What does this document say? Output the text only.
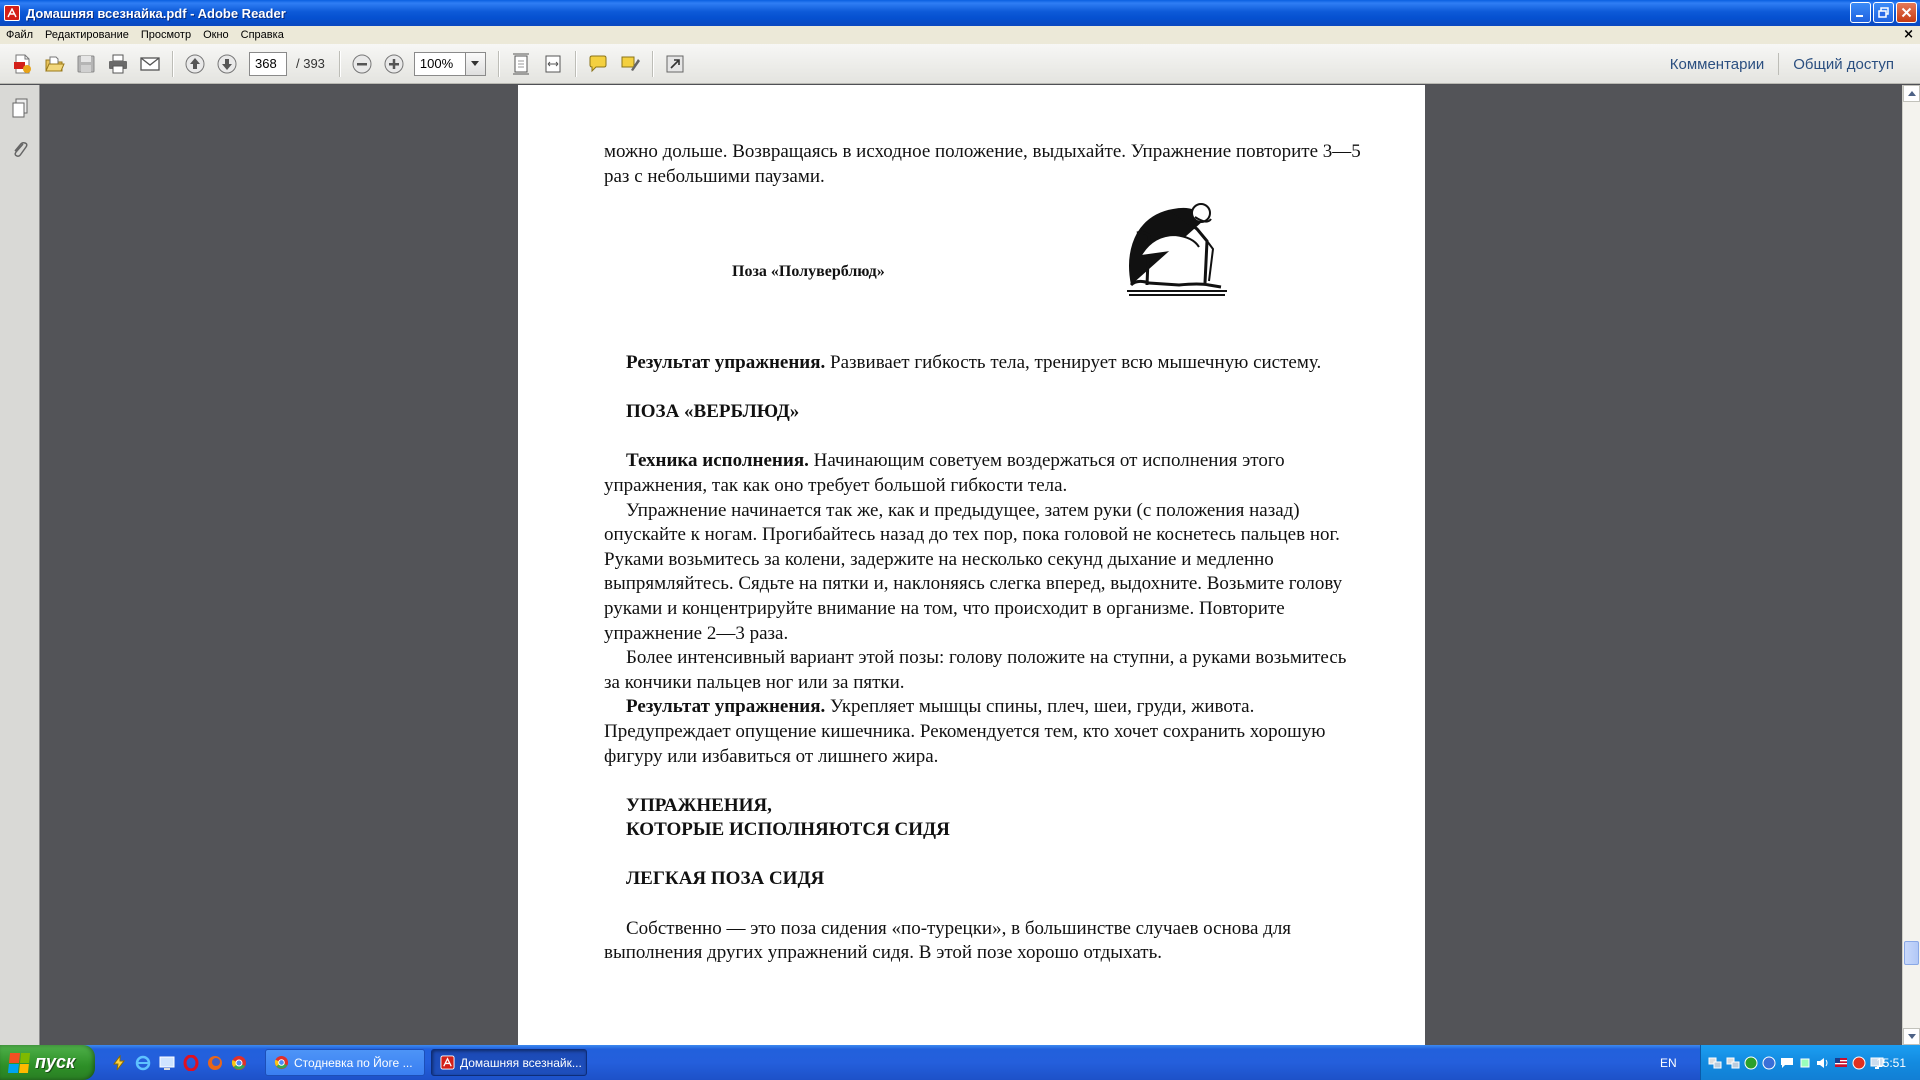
Домашняя всезнайка.pdf - Adobe Reader
Файл	Редактирование	Просмотр	Окно	Справка	×
368	/ 393	100%	Комментарии	Общий доступ
можно дольше. Возвращаясь в исходное положение, выдыхайте. Упражнение повторите 3—5 раз с небольшими паузами.
Поза «Полуверблюд»
Результат упражнения. Развивает гибкость тела, тренирует всю мышечную систему.
ПОЗА «ВЕРБЛЮД»
Техника исполнения. Начинающим советуем воздержаться от исполнения этого упражнения, так как оно требует большой гибкости тела.
Упражнение начинается так же, как и предыдущее, затем руки (с положения назад) опускайте к ногам. Прогибайтесь назад до тех пор, пока головой не коснетесь пальцев ног. Руками возьмитесь за колени, задержите на несколько секунд дыхание и медленно выпрямляйтесь. Сядьте на пятки и, наклоняясь слегка вперед, выдохните. Возьмите голову руками и концентрируйте внимание на том, что происходит в организме. Повторите упражнение 2—3 раза.
Более интенсивный вариант этой позы: голову положите на ступни, а руками возьмитесь за кончики пальцев ног или за пятки.
Результат упражнения. Укрепляет мышцы спины, плеч, шеи, груди, живота. Предупреждает опущение кишечника. Рекомендуется тем, кто хочет сохранить хорошую фигуру или избавиться от лишнего жира.
УПРАЖНЕНИЯ,
КОТОРЫЕ ИСПОЛНЯЮТСЯ СИДЯ
ЛЕГКАЯ ПОЗА СИДЯ
Собственно — это поза сидения «по-турецки», в большинстве случаев основа для выполнения других упражнений сидя. В этой позе хорошо отдыхать.
пуск	Стодневка по Йоге ...	Домашняя всезнайк...	EN	15:51
